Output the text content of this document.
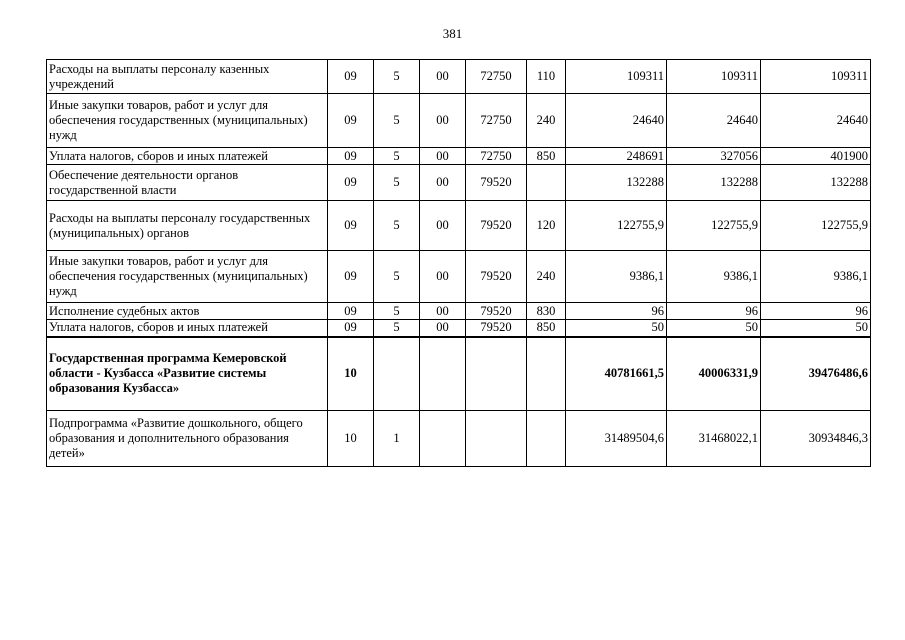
381
Расходы на выплаты персоналу казенных учреждений	09	5	00	72750	110	109311	109311	109311
Иные закупки товаров, работ и услуг для обеспечения государственных (муниципальных) нужд	09	5	00	72750	240	24640	24640	24640
Уплата налогов, сборов и иных платежей	09	5	00	72750	850	248691	327056	401900
Обеспечение деятельности органов государственной власти	09	5	00	79520		132288	132288	132288
Расходы на выплаты персоналу государственных (муниципальных) органов	09	5	00	79520	120	122755,9	122755,9	122755,9
Иные закупки товаров, работ и услуг для обеспечения государственных (муниципальных) нужд	09	5	00	79520	240	9386,1	9386,1	9386,1
Исполнение судебных актов	09	5	00	79520	830	96	96	96
Уплата налогов, сборов и иных платежей	09	5	00	79520	850	50	50	50
Государственная программа Кемеровской области - Кузбасса «Развитие системы образования Кузбасса»	10					40781661,5	40006331,9	39476486,6
Подпрограмма «Развитие дошкольного, общего образования и дополнительного образования детей»	10	1				31489504,6	31468022,1	30934846,3
